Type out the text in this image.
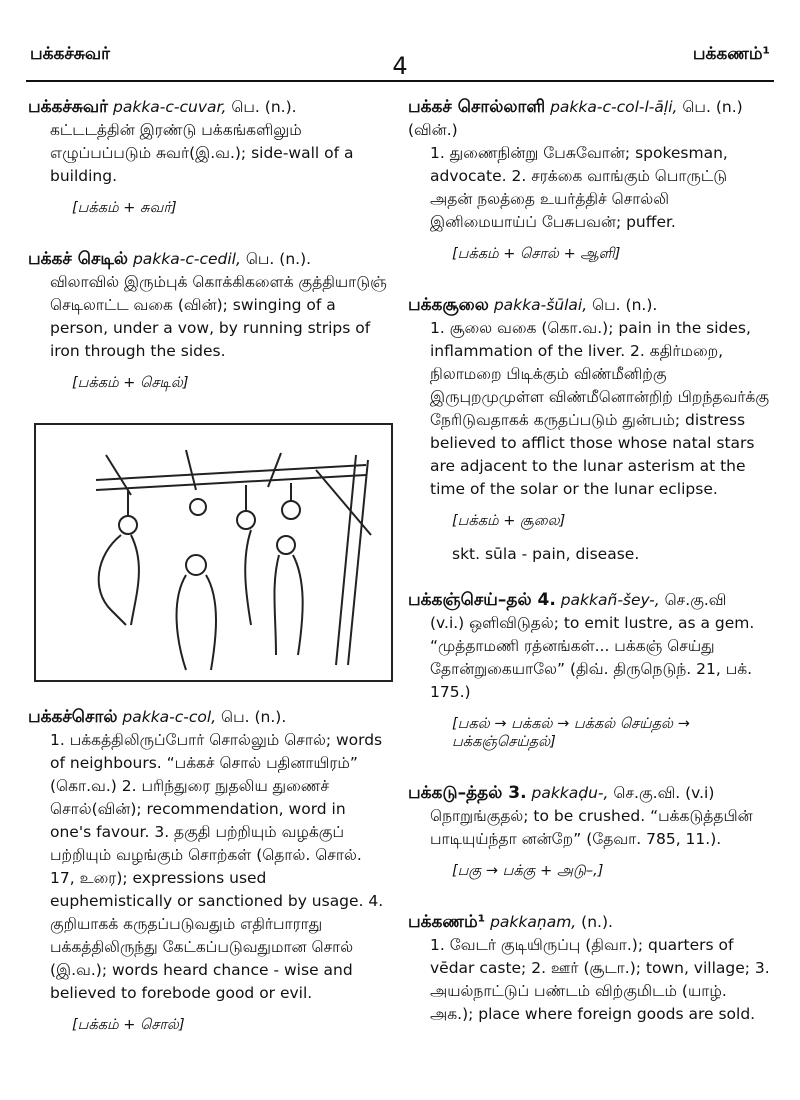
பக்கச்சுவர்	4	பக்கணம்¹

பக்கச்சுவர் pakka-c-cuvar, பெ. (n.).

கட்டடத்தின் இரண்டு பக்கங்களிலும் எழுப்பப்படும் சுவர்(இ.வ.); side-wall of a building.

[பக்கம் + சுவர்]

பக்கச் செடில் pakka-c-cedil, பெ. (n.).

விலாவில் இரும்புக் கொக்கிகளைக் குத்தியாடுஞ் செடிலாட்ட வகை (வின்); swinging of a person, under a vow, by running strips of iron through the sides.

[பக்கம் + செடில்]

பக்கச்சொல் pakka-c-col, பெ. (n.).

1. பக்கத்திலிருப்போர் சொல்லும் சொல்; words of neighbours. “பக்கச் சொல் பதினாயிரம்” (கொ.வ.) 2. பரிந்துரை நுதலிய துணைச் சொல்(வின்); recommendation, word in one's favour. 3. தகுதி பற்றியும் வழக்குப் பற்றியும் வழங்கும் சொற்கள் (தொல். சொல். 17, உரை); expressions used euphemistically or sanctioned by usage. 4. குறியாகக் கருதப்படுவதும் எதிர்பாராது பக்கத்திலிருந்து கேட்கப்படுவதுமான சொல் (இ.வ.); words heard chance - wise and believed to forebode good or evil.

[பக்கம் + சொல்]

பக்கச் சொல்லாளி pakka-c-col-l-āḷi, பெ. (n.) (வின்.)

1. துணைநின்று பேசுவோன்; spokesman, advocate. 2. சரக்கை வாங்கும் பொருட்டு அதன் நலத்தை உயர்த்திச் சொல்லி இனிமையாய்ப் பேசுபவன்; puffer.

[பக்கம் + சொல் + ஆளி]

பக்கசூலை pakka-šūlai, பெ. (n.).

1. சூலை வகை (கொ.வ.); pain in the sides, inflammation of the liver. 2. கதிர்மறை, நிலாமறை பிடிக்கும் விண்மீனிற்கு இருபுறமுமுள்ள விண்மீனொன்றிற் பிறந்தவர்க்கு நேரிடுவதாகக் கருதப்படும் துன்பம்; distress believed to afflict those whose natal stars are adjacent to the lunar asterism at the time of the solar or the lunar eclipse.

[பக்கம் + சூலை]

skt. sūla - pain, disease.

பக்கஞ்செய்–தல் 4. pakkañ-šey-, செ.கு.வி

(v.i.) ஒளிவிடுதல்; to emit lustre, as a gem. “முத்தாமணி ரத்னங்கள்... பக்கஞ் செய்து தோன்றுகையாலே” (திவ். திருநெடுந். 21, பக். 175.)

[பகல் → பக்கல் → பக்கல் செய்தல் → பக்கஞ்செய்தல்]

பக்கடு–த்தல் 3. pakkaḍu-, செ.கு.வி. (v.i)

நொறுங்குதல்; to be crushed. “பக்கடுத்தபின் பாடியுய்ந்தா னன்றே” (தேவா. 785, 11.).

[பகு → பக்கு + அடு–,]

பக்கணம்¹ pakkaṇam, (n.).

1. வேடர் குடியிருப்பு (திவா.); quarters of vēdar caste; 2. ஊர் (சூடா.); town, village; 3. அயல்நாட்டுப் பண்டம் விற்குமிடம் (யாழ். அக.); place where foreign goods are sold.
